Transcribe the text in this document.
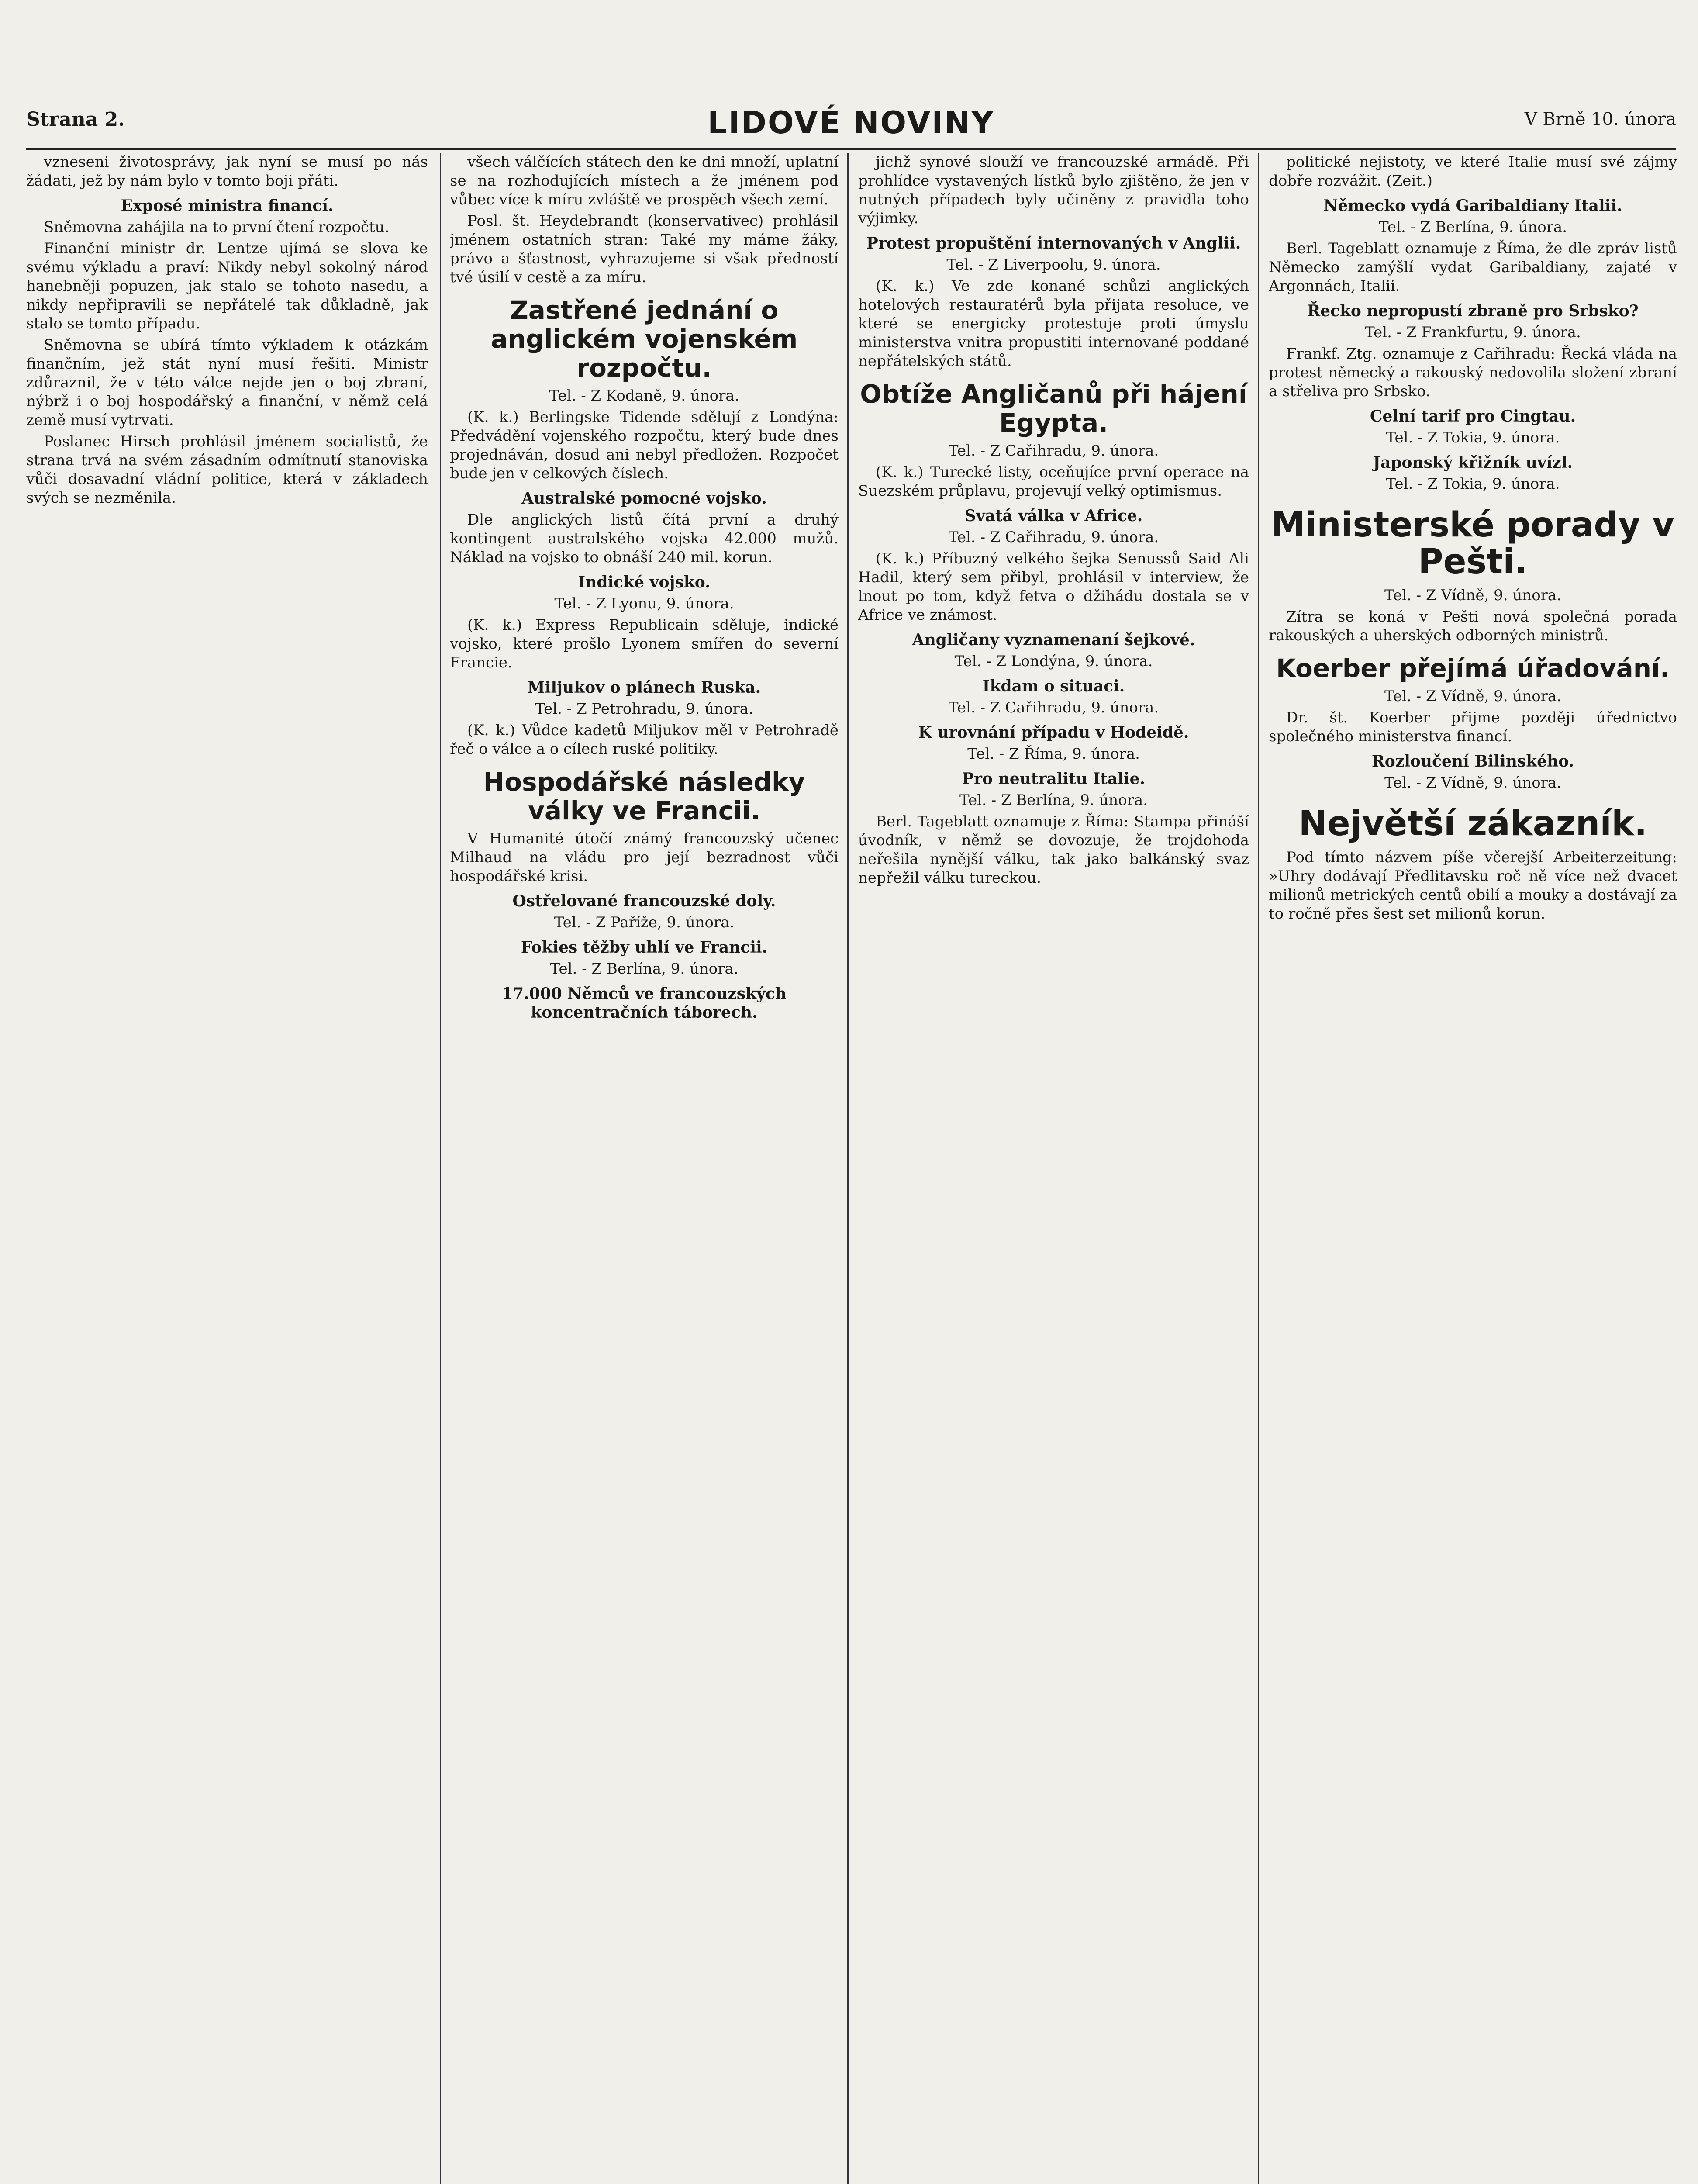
Strana 2.	LIDOVÉ NOVINY	V Brně 10. února

vzneseni životosprávy, jak nyní se musí po nás žádati, jež by nám bylo v tomto boji přáti.

Exposé ministra financí.

Sněmovna zahájila na to první čtení rozpočtu.

Finanční ministr dr. Lentze ujímá se slova ke svému výkladu a praví: Nikdy nebyl sokolný národ hanebněji popuzen, jak stalo se tohoto nasedu, a nikdy nepřipravili se nepřátelé tak důkladně, jak stalo se tomto případu.

Sněmovna se ubírá tímto výkladem k otázkám finančním, jež stát nyní musí řešiti. Ministr zdůraznil, že v této válce nejde jen o boj zbraní, nýbrž i o boj hospodářský a finanční, v němž celá země musí vytrvati.

Poslanec Hirsch prohlásil jménem socialistů, že strana trvá na svém zásadním odmítnutí stanoviska vůči dosavadní vládní politice, která v základech svých se nezměnila.

všech válčících státech den ke dni množí, uplatní se na rozhodujících místech a že jménem pod vůbec více k míru zvláště ve prospěch všech zemí.

Posl. št. Heydebrandt (konservativec) prohlásil jménem ostatních stran: Také my máme žáky, právo a šťastnost, vyhrazujeme si však předností tvé úsilí v cestě a za míru.

Zastřené jednání o anglickém vojenském rozpočtu.
Tel. - Z Kodaně, 9. února.

(K. k.) Berlingske Tidende sdělují z Londýna: Předvádění vojenského rozpočtu, který bude dnes projednáván, dosud ani nebyl předložen. Rozpočet bude jen v celkových číslech.

Australské pomocné vojsko.

Dle anglických listů čítá první a druhý kontingent australského vojska 42.000 mužů. Náklad na vojsko to obnáší 240 mil. korun.

Indické vojsko.
Tel. - Z Lyonu, 9. února.

(K. k.) Express Republicain sděluje, indické vojsko, které prošlo Lyonem smířen do severní Francie.

Miljukov o plánech Ruska.
Tel. - Z Petrohradu, 9. února.

(K. k.) Vůdce kadetů Miljukov měl v Petrohradě řeč o válce a o cílech ruské politiky.

Hospodářské následky války ve Francii.

V Humanité útočí známý francouzský učenec Milhaud na vládu pro její bezradnost vůči hospodářské krisi.

Ostřelované francouzské doly.
Tel. - Z Paříže, 9. února.
Fokies těžby uhlí ve Francii.
Tel. - Z Berlína, 9. února.
17.000 Němců ve francouzských koncentračních táborech.

jichž synové slouží ve francouzské armádě. Při prohlídce vystavených lístků bylo zjištěno, že jen v nutných případech byly učiněny z pravidla toho výjimky.

Protest propuštění internovaných v Anglii.
Tel. - Z Liverpoolu, 9. února.

(K. k.) Ve zde konané schůzi anglických hotelových restauratérů byla přijata resoluce, ve které se energicky protestuje proti úmyslu ministerstva vnitra propustiti internované poddané nepřátelských států.

Obtíže Angličanů při hájení Egypta.
Tel. - Z Cařihradu, 9. února.

(K. k.) Turecké listy, oceňujíce první operace na Suezském průplavu, projevují velký optimismus.

Svatá válka v Africe.
Tel. - Z Cařihradu, 9. února.

(K. k.) Příbuzný velkého šejka Senussů Said Ali Hadil, který sem přibyl, prohlásil v interview, že lnout po tom, když fetva o džihádu dostala se v Africe ve známost.

Angličany vyznamenaní šejkové.
Tel. - Z Londýna, 9. února.
Ikdam o situaci.
Tel. - Z Cařihradu, 9. února.
K urovnání případu v Hodeidě.
Tel. - Z Říma, 9. února.
Pro neutralitu Italie.
Tel. - Z Berlína, 9. února.

Berl. Tageblatt oznamuje z Říma: Stampa přináší úvodník, v němž se dovozuje, že trojdohoda neřešila nynější válku, tak jako balkánský svaz nepřežil válku tureckou.

politické nejistoty, ve které Italie musí své zájmy dobře rozvážit. (Zeit.)

Německo vydá Garibaldiany Italii.
Tel. - Z Berlína, 9. února.

Berl. Tageblatt oznamuje z Říma, že dle zpráv listů Německo zamýšlí vydat Garibaldiany, zajaté v Argonnách, Italii.

Řecko nepropustí zbraně pro Srbsko?
Tel. - Z Frankfurtu, 9. února.

Frankf. Ztg. oznamuje z Cařihradu: Řecká vláda na protest německý a rakouský nedovolila složení zbraní a střeliva pro Srbsko.

Celní tarif pro Cingtau.
Tel. - Z Tokia, 9. února.
Japonský křižník uvízl.
Tel. - Z Tokia, 9. února.
Ministerské porady v Pešti.
Tel. - Z Vídně, 9. února.

Zítra se koná v Pešti nová společná porada rakouských a uherských odborných ministrů.

Koerber přejímá úřadování.
Tel. - Z Vídně, 9. února.

Dr. št. Koerber přijme později úřednictvo společného ministerstva financí.

Rozloučení Bilinského.
Tel. - Z Vídně, 9. února.
Největší zákazník.

Pod tímto názvem píše včerejší Arbeiterzeitung: »Uhry dodávají Předlitavsku roč ně více než dvacet milionů metrických centů obilí a mouky a dostávají za to ročně přes šest set milionů korun.
